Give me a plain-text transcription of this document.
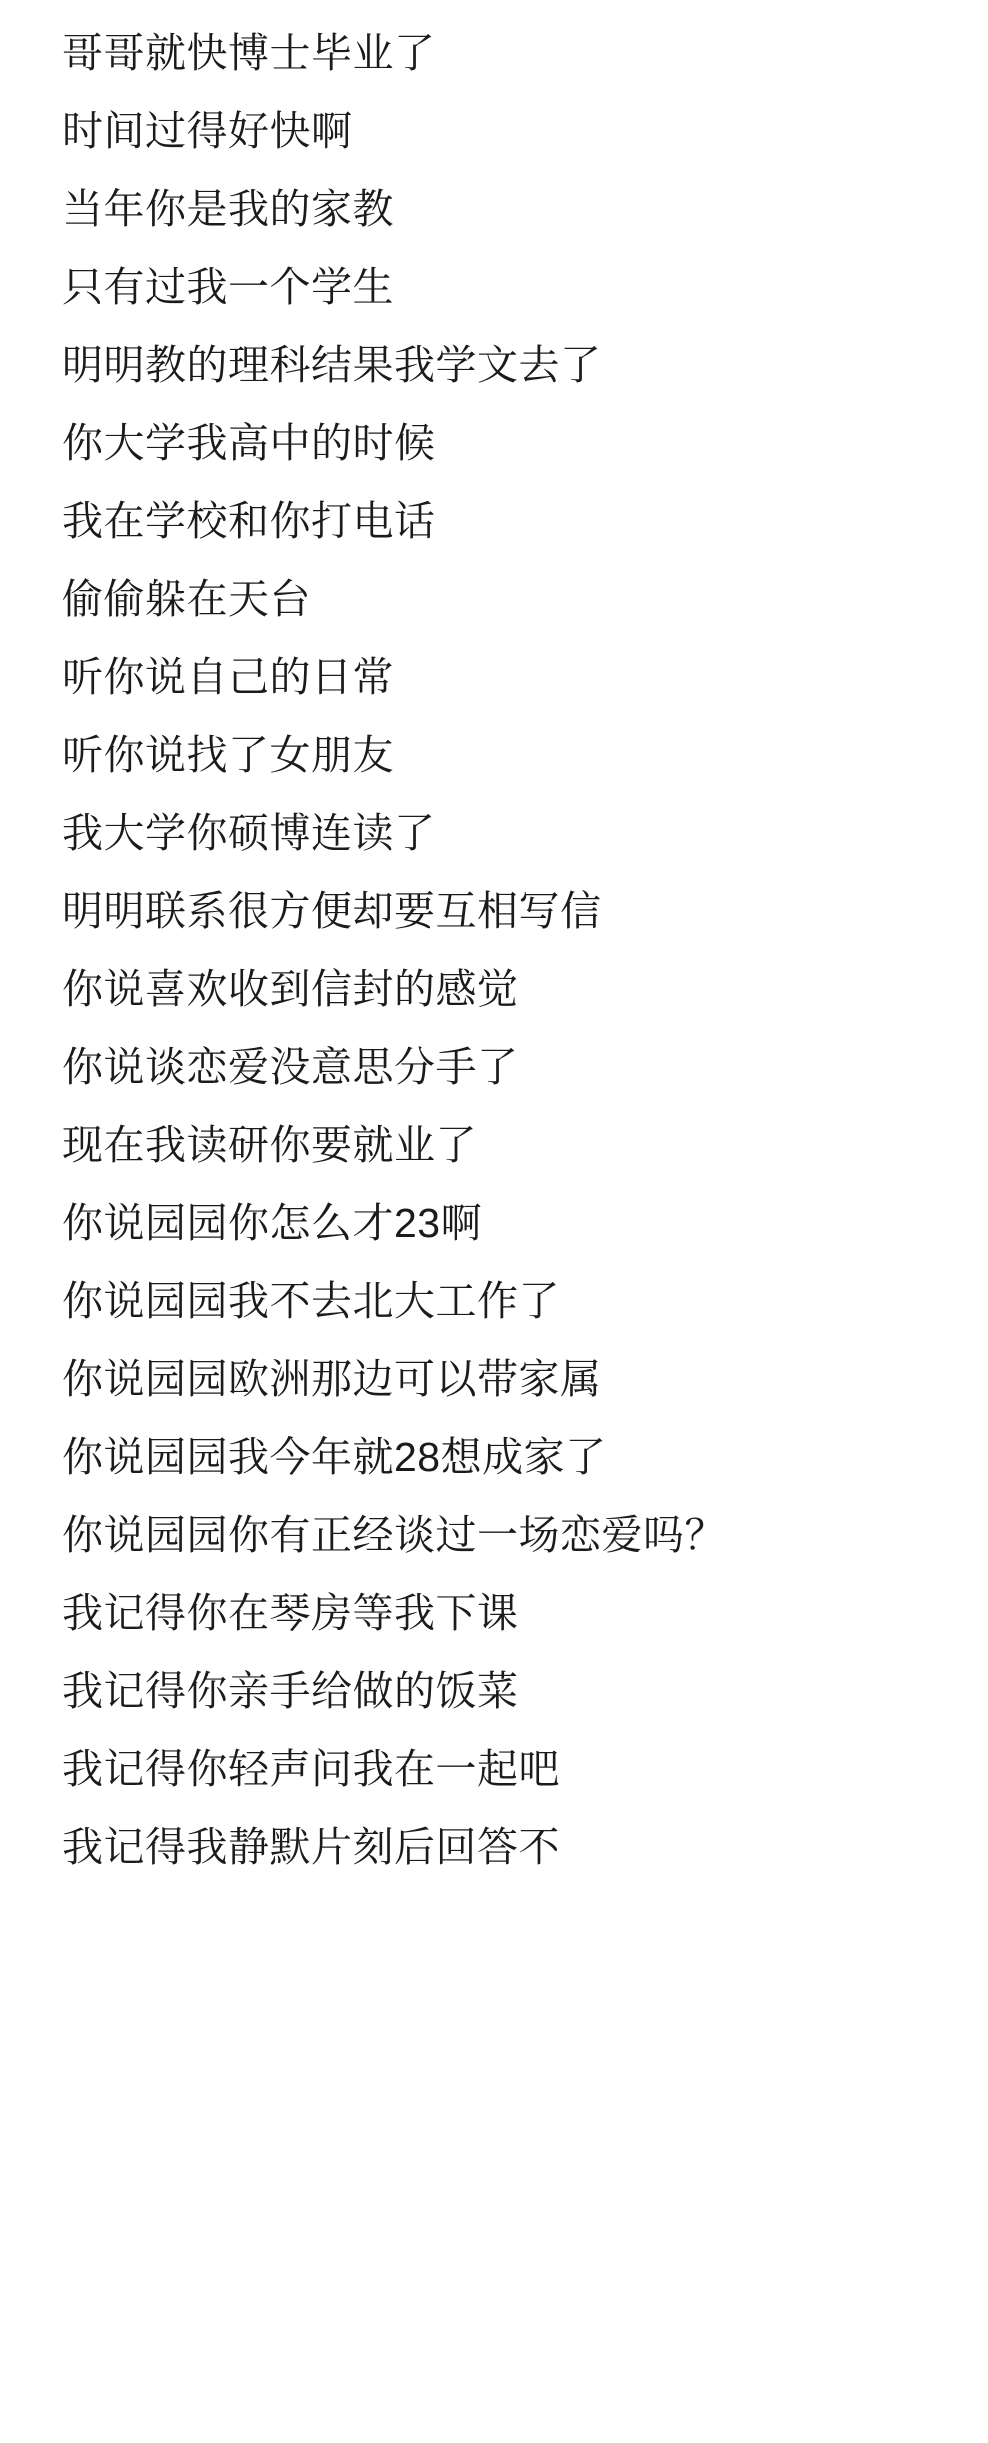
哥哥就快博士毕业了
时间过得好快啊
当年你是我的家教
只有过我一个学生
明明教的理科结果我学文去了
你大学我高中的时候
我在学校和你打电话
偷偷躲在天台
听你说自己的日常
听你说找了女朋友
我大学你硕博连读了
明明联系很方便却要互相写信
你说喜欢收到信封的感觉
你说谈恋爱没意思分手了
现在我读研你要就业了
你说园园你怎么才23啊
你说园园我不去北大工作了
你说园园欧洲那边可以带家属
你说园园我今年就28想成家了
你说园园你有正经谈过一场恋爱吗？
我记得你在琴房等我下课
我记得你亲手给做的饭菜
我记得你轻声问我在一起吧
我记得我静默片刻后回答不
